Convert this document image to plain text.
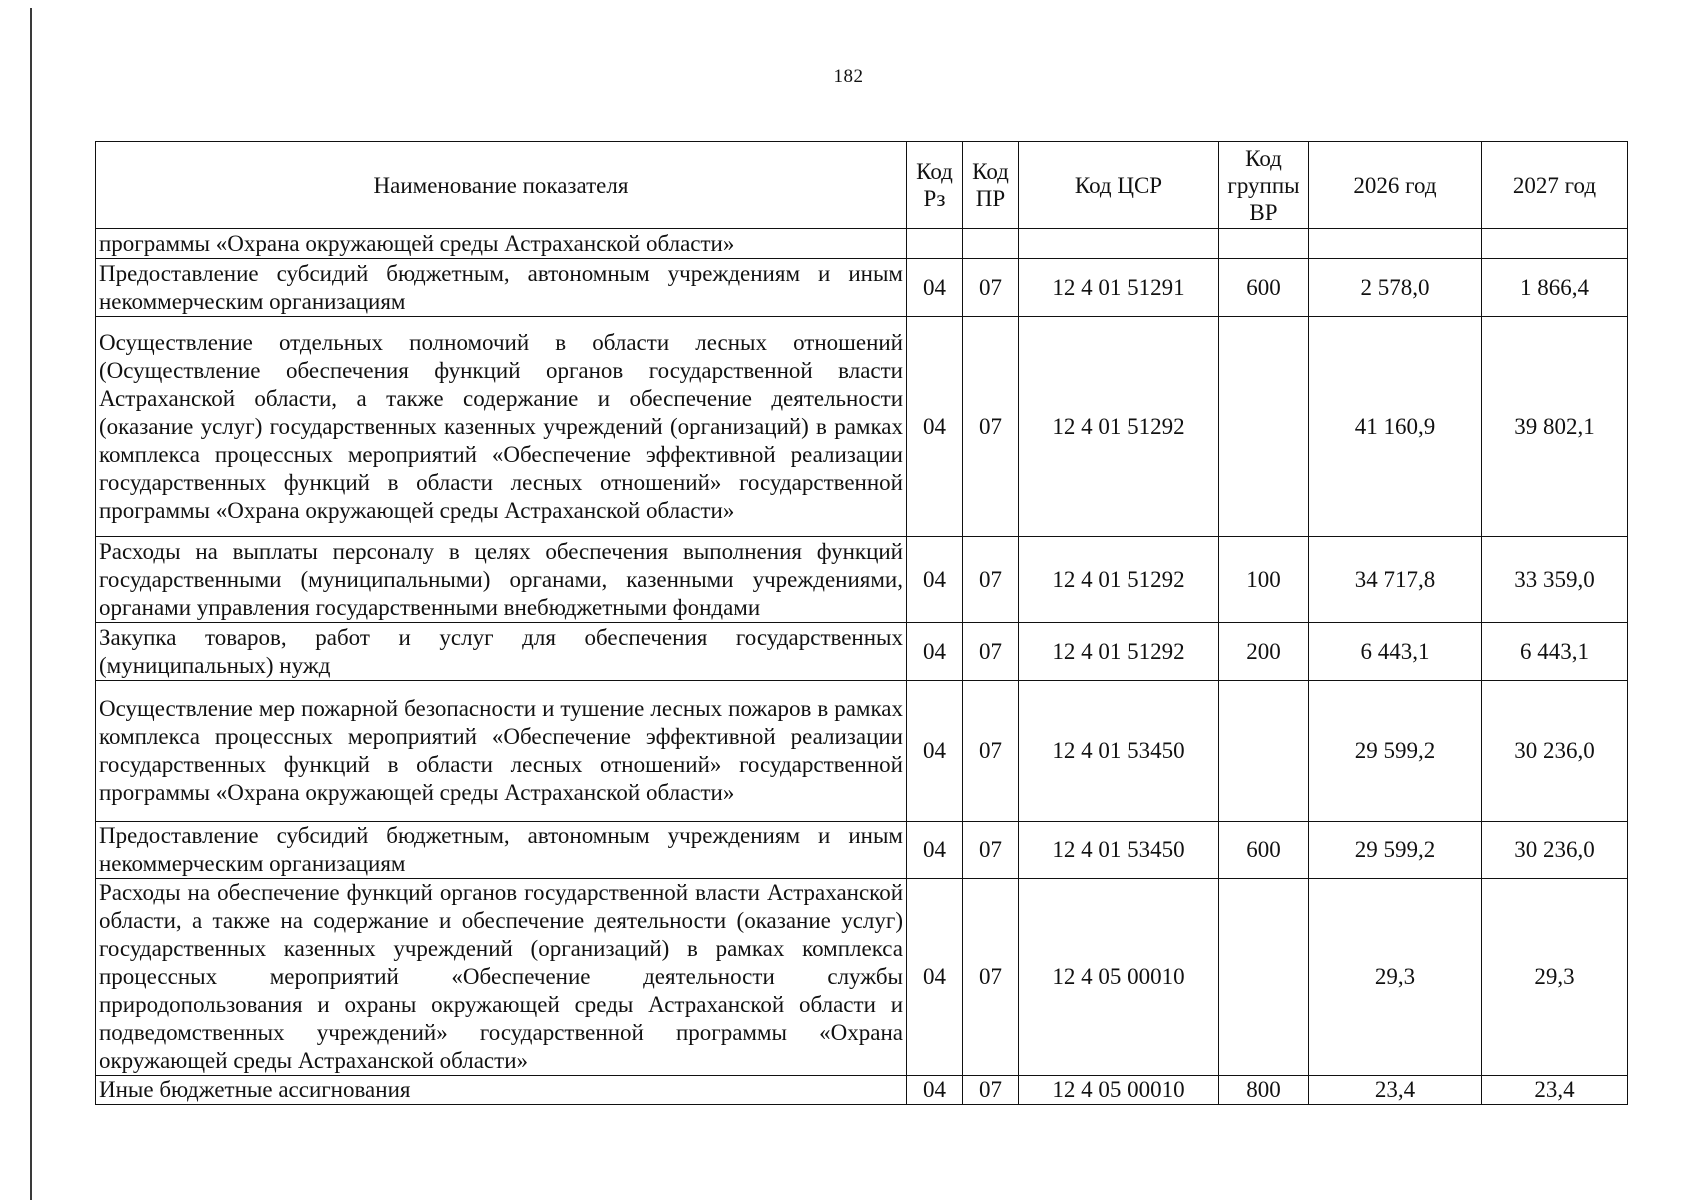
182
Наименование показателя	Код Рз	Код ПР	Код ЦСР	Код группы ВР	2026 год	2027 год
программы «Охрана окружающей среды Астраханской области»						
Предоставление субсидий бюджетным, автономным учреждениям и иным некоммерческим организациям	04	07	12 4 01 51291	600	2 578,0	1 866,4
Осуществление отдельных полномочий в области лесных отношений (Осуществление обеспечения функций органов государственной власти Астраханской области, а также содержание и обеспечение деятельности (оказание услуг) государственных казенных учреждений (организаций) в рамках комплекса процессных мероприятий «Обеспечение эффективной реализации государственных функций в области лесных отношений» государственной программы «Охрана окружающей среды Астраханской области»	04	07	12 4 01 51292		41 160,9	39 802,1
Расходы на выплаты персоналу в целях обеспечения выполнения функций государственными (муниципальными) органами, казенными учреждениями, органами управления государственными внебюджетными фондами	04	07	12 4 01 51292	100	34 717,8	33 359,0
Закупка товаров, работ и услуг для обеспечения государственных (муниципальных) нужд	04	07	12 4 01 51292	200	6 443,1	6 443,1
Осуществление мер пожарной безопасности и тушение лесных пожаров в рамках комплекса процессных мероприятий «Обеспечение эффективной реализации государственных функций в области лесных отношений» государственной программы «Охрана окружающей среды Астраханской области»	04	07	12 4 01 53450		29 599,2	30 236,0
Предоставление субсидий бюджетным, автономным учреждениям и иным некоммерческим организациям	04	07	12 4 01 53450	600	29 599,2	30 236,0
Расходы на обеспечение функций органов государственной власти Астраханской области, а также на содержание и обеспечение деятельности (оказание услуг) государственных казенных учреждений (организаций) в рамках комплекса процессных мероприятий «Обеспечение деятельности службы природопользования и охраны окружающей среды Астраханской области и подведомственных учреждений» государственной программы «Охрана окружающей среды Астраханской области»	04	07	12 4 05 00010		29,3	29,3
Иные бюджетные ассигнования	04	07	12 4 05 00010	800	23,4	23,4
